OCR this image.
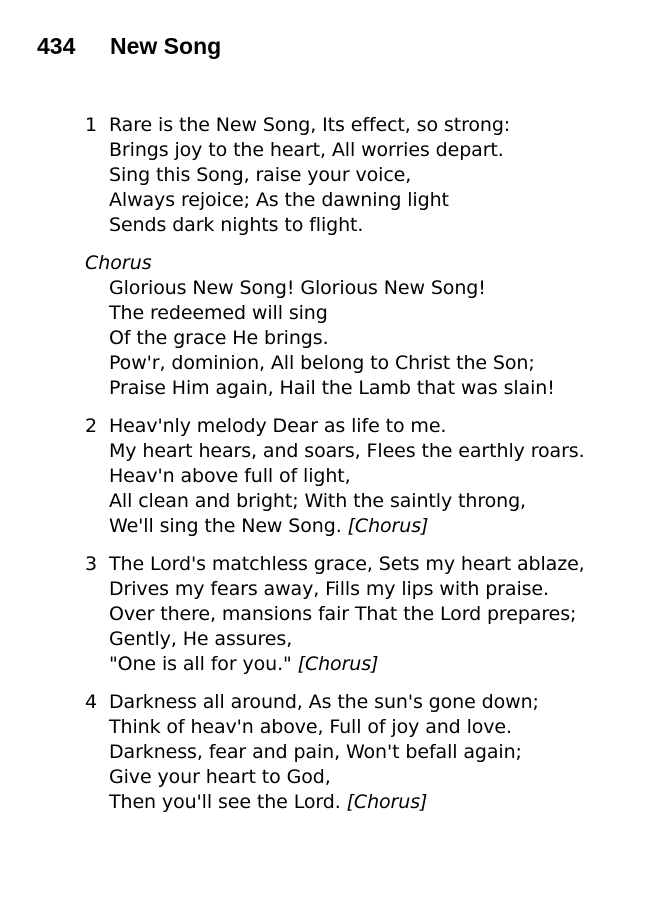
434 New Song
1 Rare is the New Song, Its effect, so strong:
Brings joy to the heart, All worries depart.
Sing this Song, raise your voice,
Always rejoice; As the dawning light
Sends dark nights to flight.
Chorus
Glorious New Song! Glorious New Song!
The redeemed will sing
Of the grace He brings.
Pow'r, dominion, All belong to Christ the Son;
Praise Him again, Hail the Lamb that was slain!
2 Heav'nly melody Dear as life to me.
My heart hears, and soars, Flees the earthly roars.
Heav'n above full of light,
All clean and bright; With the saintly throng,
We'll sing the New Song. [Chorus]
3 The Lord's matchless grace, Sets my heart ablaze,
Drives my fears away, Fills my lips with praise.
Over there, mansions fair That the Lord prepares;
Gently, He assures,
"One is all for you." [Chorus]
4 Darkness all around, As the sun's gone down;
Think of heav'n above, Full of joy and love.
Darkness, fear and pain, Won't befall again;
Give your heart to God,
Then you'll see the Lord. [Chorus]
